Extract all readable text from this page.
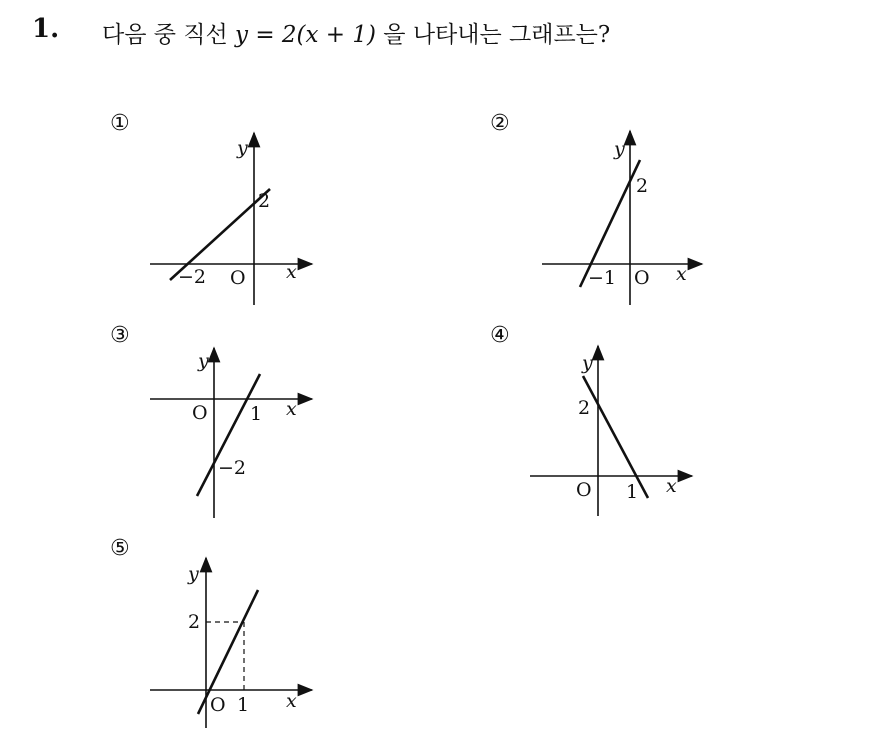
1. 다음 중 직선 y = 2(x + 1) 을 나타내는 그래프는?
①
y
x
O
2
−2
②
y
x
O
2
−1
③
y
x
O 1
−2
④
y
x
O
2
1
⑤
y
x
O
2
1
